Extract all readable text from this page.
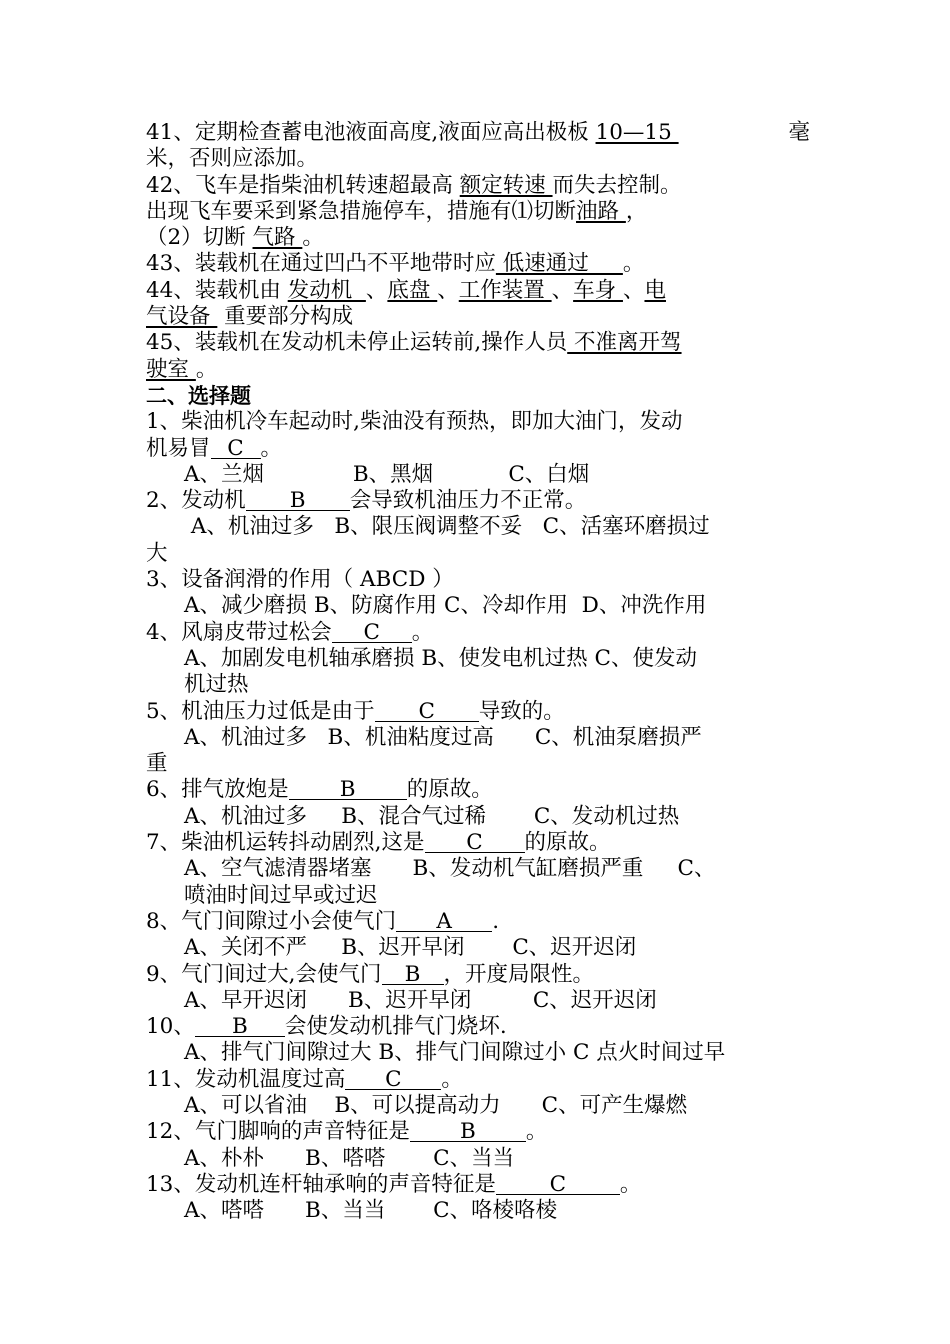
41、定期检查蓄电池液面高度,液面应高出极板 10—15	毫
米，否则应添加。
42、飞车是指柴油机转速超最高 额定转速 而失去控制。
出现飞车要采到紧急措施停车，措施有⑴切断油路 ，
（2）切断 气路 。
43、装载机在通过凹凸不平地带时应 低速通过     。
44、装载机由 发动机  、底盘 、工作装置 、车身 、电
气设备  重要部分构成
45、装载机在发动机未停止运转前,操作人员 不准离开驾
驶室 。
二、选择题
1、柴油机冷车起动时,柴油没有预热，即加大油门，发动
机易冒 C 。
A、兰烟             B、黑烟           C、白烟
2、发动机 B 会导致机油压力不正常。
A、机油过多   B、限压阀调整不妥   C、活塞环磨损过
大
3、设备润滑的作用（ ABCD ）
A、减少磨损 B、防腐作用 C、冷却作用  D、冲洗作用
4、风扇皮带过松会 C 。
A、加剧发电机轴承磨损 B、使发电机过热 C、使发动
机过热
5、机油压力过低是由于 C 导致的。
A、机油过多   B、机油粘度过高      C、机油泵磨损严
重
6、排气放炮是 B 的原故。
A、机油过多     B、混合气过稀       C、发动机过热
7、柴油机运转抖动剧烈,这是 C 的原故。
A、空气滤清器堵塞      B、发动机气缸磨损严重     C、
喷油时间过早或过迟
8、气门间隙过小会使气门 A .
A、关闭不严     B、迟开早闭       C、迟开迟闭
9、气门间过大,会使气门 B ，开度局限性。
A、早开迟闭      B、迟开早闭         C、迟开迟闭
10、 B 会使发动机排气门烧坏.
A、排气门间隙过大 B、排气门间隙过小 C 点火时间过早
11、发动机温度过高 C 。
A、可以省油    B、可以提高动力      C、可产生爆燃
12、气门脚响的声音特征是 B 。
A、朴朴      B、嗒嗒       C、当当
13、发动机连杆轴承响的声音特征是	C	。
A、嗒嗒      B、当当       C、咯棱咯棱
